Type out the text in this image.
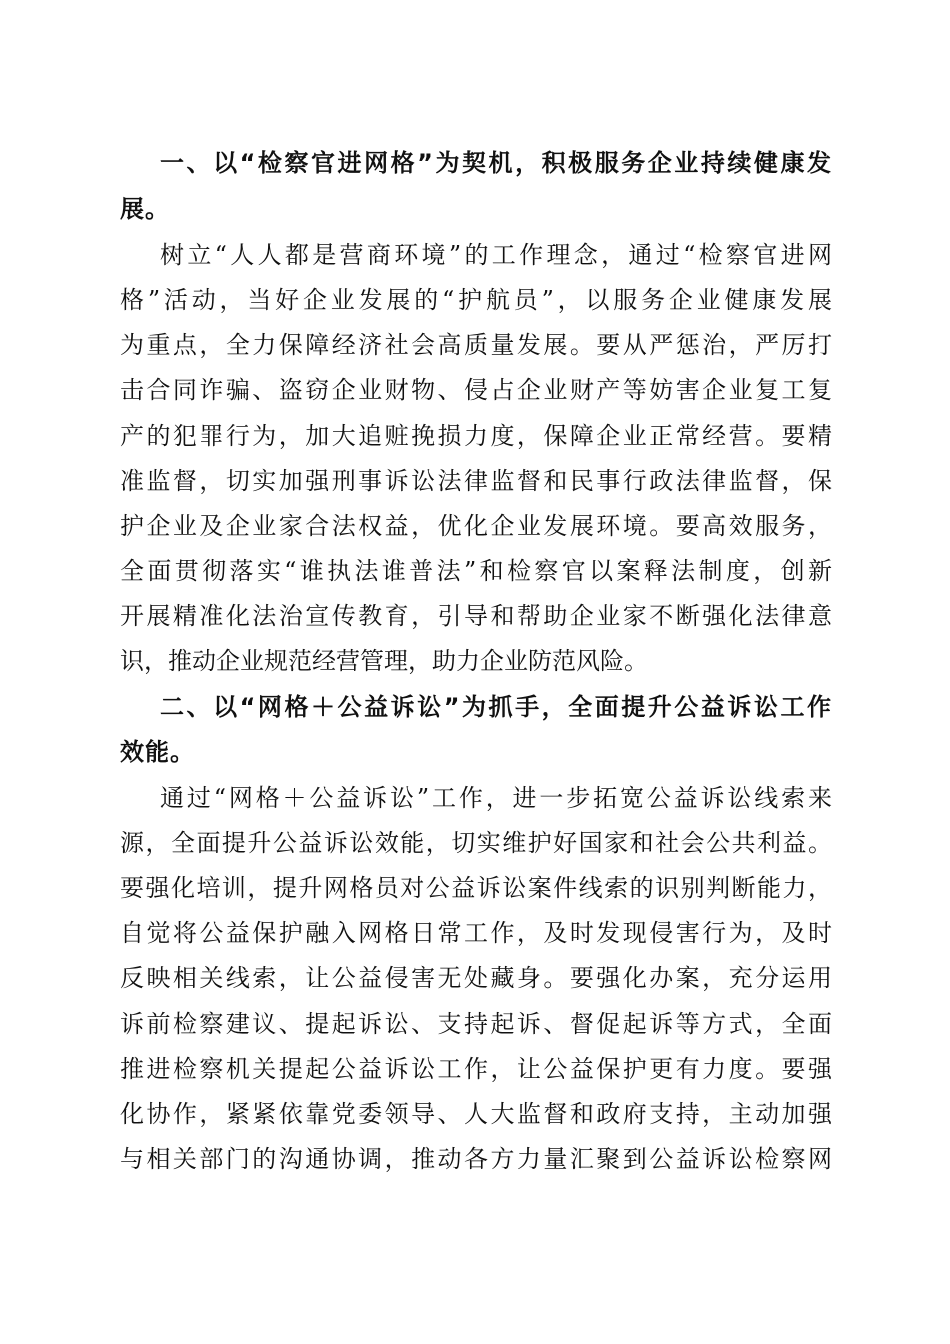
一、以“检察官进网格”为契机，积极服务企业持续健康发
展。
树立“人人都是营商环境”的工作理念，通过“检察官进网
格”活动，当好企业发展的“护航员”，以服务企业健康发展
为重点，全力保障经济社会高质量发展。要从严惩治，严厉打
击合同诈骗、盗窃企业财物、侵占企业财产等妨害企业复工复
产的犯罪行为，加大追赃挽损力度，保障企业正常经营。要精
准监督，切实加强刑事诉讼法律监督和民事行政法律监督，保
护企业及企业家合法权益，优化企业发展环境。要高效服务，
全面贯彻落实“谁执法谁普法”和检察官以案释法制度，创新
开展精准化法治宣传教育，引导和帮助企业家不断强化法律意
识，推动企业规范经营管理，助力企业防范风险。
二、以“网格＋公益诉讼”为抓手，全面提升公益诉讼工作
效能。
通过“网格＋公益诉讼”工作，进一步拓宽公益诉讼线索来
源，全面提升公益诉讼效能，切实维护好国家和社会公共利益。
要强化培训，提升网格员对公益诉讼案件线索的识别判断能力，
自觉将公益保护融入网格日常工作，及时发现侵害行为，及时
反映相关线索，让公益侵害无处藏身。要强化办案，充分运用
诉前检察建议、提起诉讼、支持起诉、督促起诉等方式，全面
推进检察机关提起公益诉讼工作，让公益保护更有力度。要强
化协作，紧紧依靠党委领导、人大监督和政府支持，主动加强
与相关部门的沟通协调，推动各方力量汇聚到公益诉讼检察网
